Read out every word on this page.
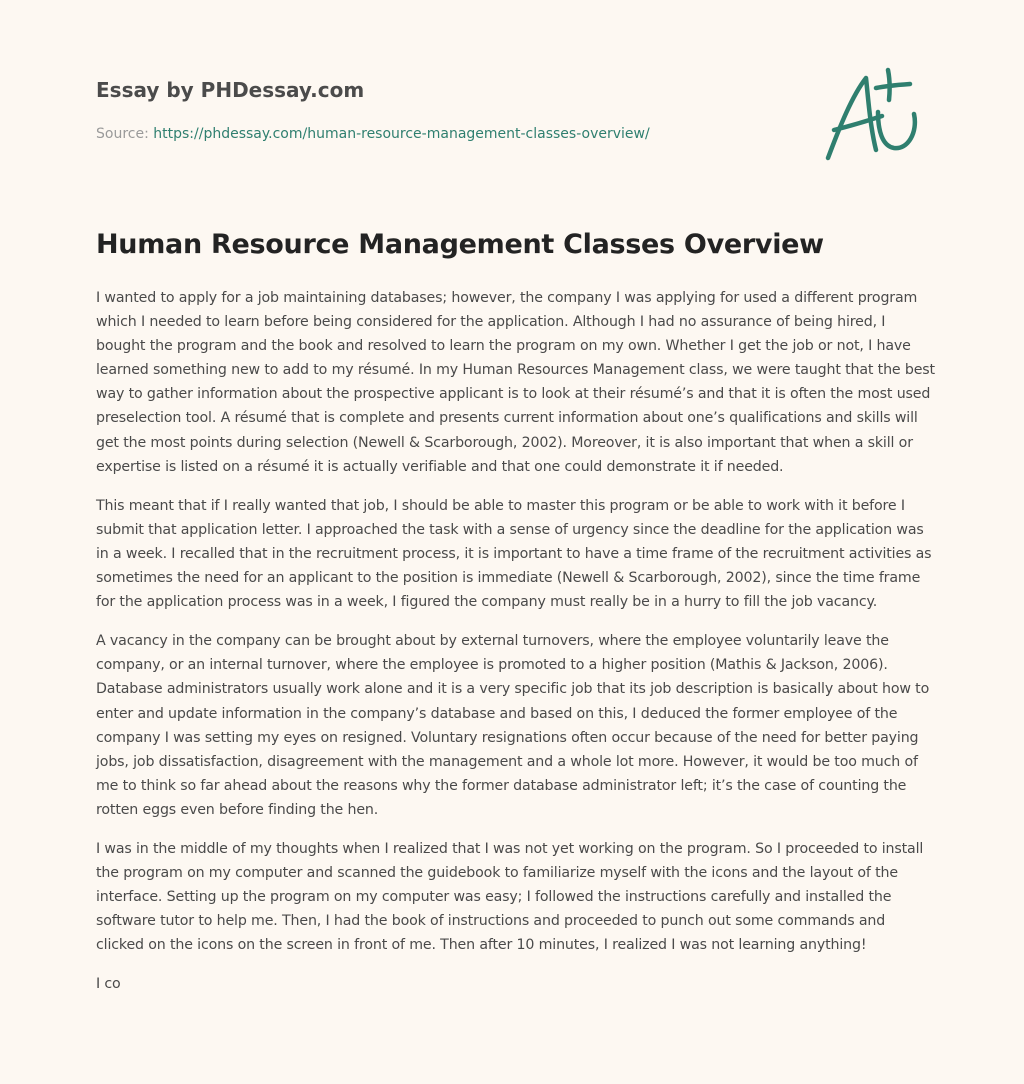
Essay by PHDessay.com
Source: https://phdessay.com/human-resource-management-classes-overview/
Human Resource Management Classes Overview

I wanted to apply for a job maintaining databases; however, the company I was applying for used a different program which I needed to learn before being considered for the application. Although I had no assurance of being hired, I bought the program and the book and resolved to learn the program on my own. Whether I get the job or not, I have learned something new to add to my résumé. In my Human Resources Management class, we were taught that the best way to gather information about the prospective applicant is to look at their résumé’s and that it is often the most used preselection tool. A résumé that is complete and presents current information about one’s qualifications and skills will get the most points during selection (Newell & Scarborough, 2002). Moreover, it is also important that when a skill or expertise is listed on a résumé it is actually verifiable and that one could demonstrate it if needed.

This meant that if I really wanted that job, I should be able to master this program or be able to work with it before I submit that application letter. I approached the task with a sense of urgency since the deadline for the application was in a week. I recalled that in the recruitment process, it is important to have a time frame of the recruitment activities as sometimes the need for an applicant to the position is immediate (Newell & Scarborough, 2002), since the time frame for the application process was in a week, I figured the company must really be in a hurry to fill the job vacancy.

A vacancy in the company can be brought about by external turnovers, where the employee voluntarily leave the company, or an internal turnover, where the employee is promoted to a higher position (Mathis & Jackson, 2006). Database administrators usually work alone and it is a very specific job that its job description is basically about how to enter and update information in the company’s database and based on this, I deduced the former employee of the company I was setting my eyes on resigned. Voluntary resignations often occur because of the need for better paying jobs, job dissatisfaction, disagreement with the management and a whole lot more. However, it would be too much of me to think so far ahead about the reasons why the former database administrator left; it’s the case of counting the rotten eggs even before finding the hen.

I was in the middle of my thoughts when I realized that I was not yet working on the program. So I proceeded to install the program on my computer and scanned the guidebook to familiarize myself with the icons and the layout of the interface. Setting up the program on my computer was easy; I followed the instructions carefully and installed the software tutor to help me. Then, I had the book of instructions and proceeded to punch out some commands and clicked on the icons on the screen in front of me. Then after 10 minutes, I realized I was not learning anything!

I co
